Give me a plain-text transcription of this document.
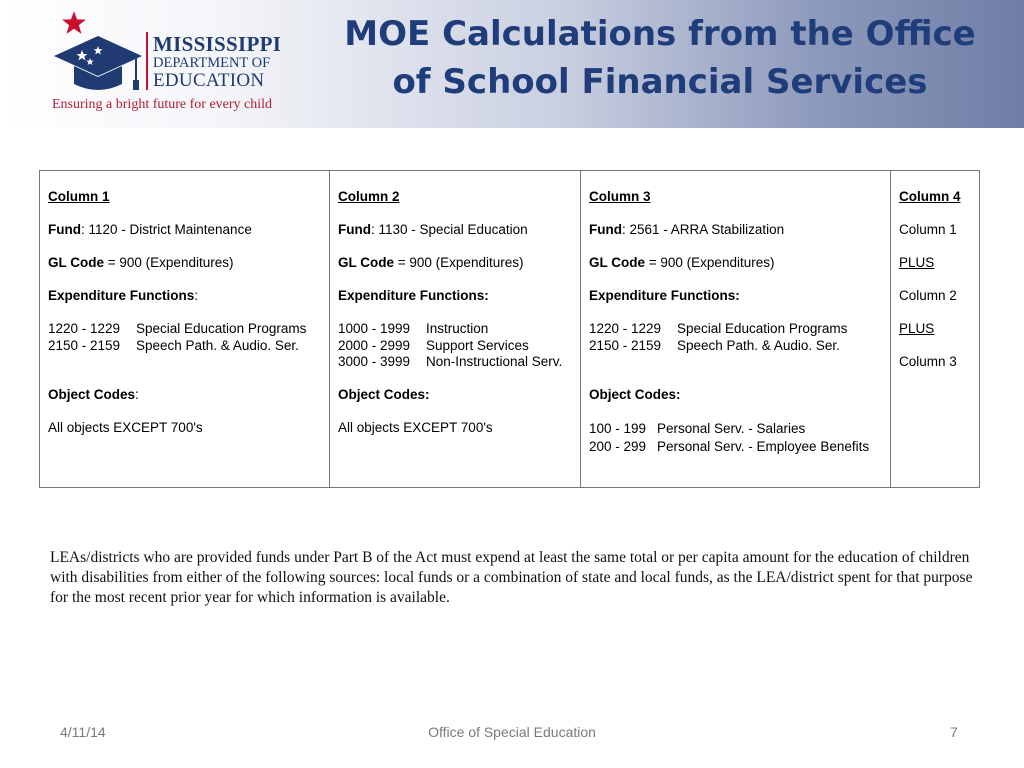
MISSISSIPPI
DEPARTMENT OF
EDUCATION
Ensuring a bright future for every child
MOE Calculations from the Office
of School Financial Services
Column 1
Fund: 1120 - District Maintenance
GL Code = 900 (Expenditures)
Expenditure Functions:
1220 - 1229 Special Education Programs
2150 - 2159 Speech Path. & Audio. Ser.
Object Codes:
All objects EXCEPT 700's
Column 2
Fund: 1130 - Special Education
GL Code = 900 (Expenditures)
Expenditure Functions:
1000 - 1999 Instruction
2000 - 2999 Support Services
3000 - 3999 Non-Instructional Serv.
Object Codes:
All objects EXCEPT 700's
Column 3
Fund: 2561 - ARRA Stabilization
GL Code = 900 (Expenditures)
Expenditure Functions:
1220 - 1229 Special Education Programs
2150 - 2159 Speech Path. & Audio. Ser.
Object Codes:
100 - 199 Personal Serv. - Salaries
200 - 299 Personal Serv. - Employee Benefits
Column 4
Column 1
PLUS
Column 2
PLUS
Column 3
LEAs/districts who are provided funds under Part B of the Act must expend at least the same total or per capita amount for the education of children with disabilities from either of the following sources: local funds or a combination of state and local funds, as the LEA/district spent for that purpose for the most recent prior year for which information is available.
4/11/14	Office of Special Education	7
